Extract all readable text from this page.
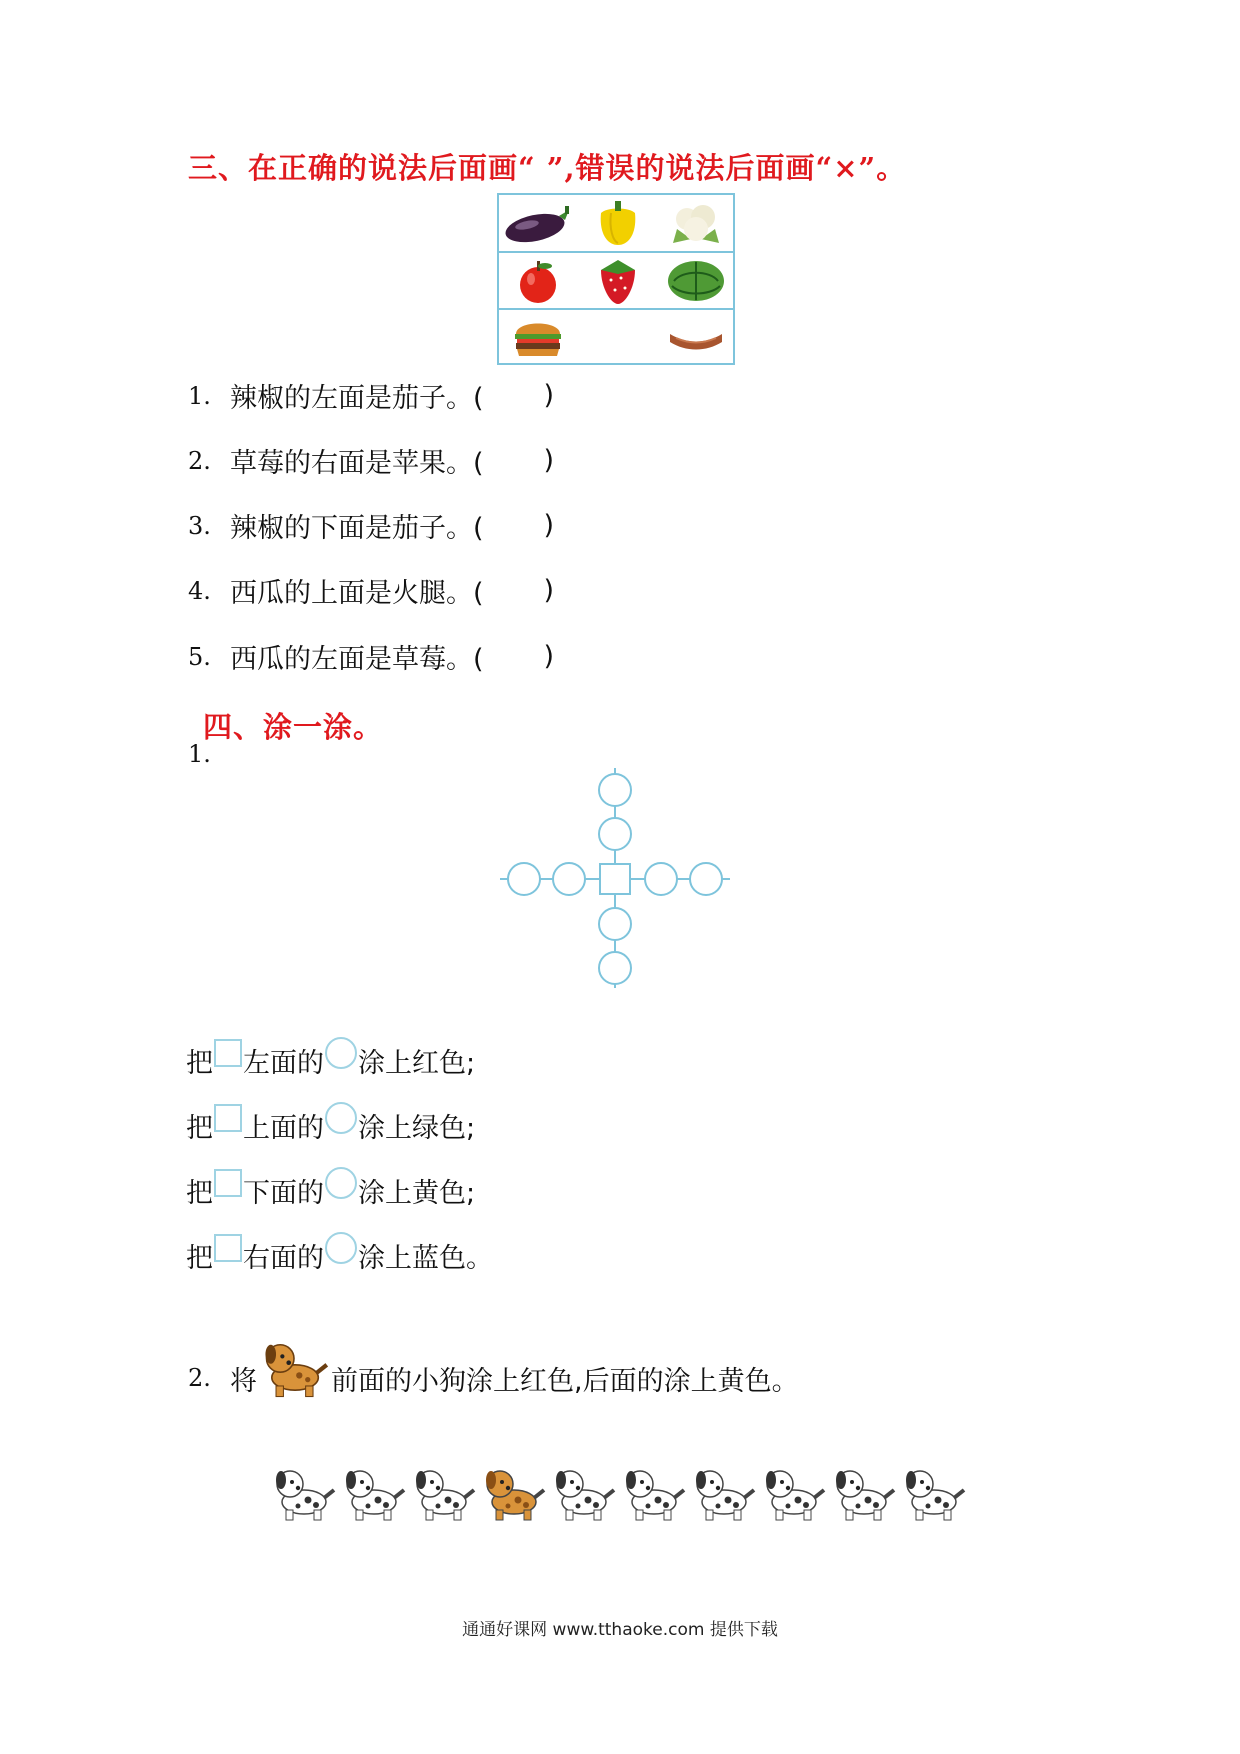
三、在正确的说法后面画“ ”,错误的说法后面画“×”。
1. 辣椒的左面是茄子。( )
2. 草莓的右面是苹果。( )
3. 辣椒的下面是茄子。( )
4. 西瓜的上面是火腿。( )
5. 西瓜的左面是草莓。( )
四、涂一涂。
1.
把 左面的 涂上红色;
把 上面的 涂上绿色;
把 下面的 涂上黄色;
把 右面的 涂上蓝色。
2. 将	前面的小狗涂上红色,后面的涂上黄色。
通通好课网 www.tthaoke.com 提供下载
